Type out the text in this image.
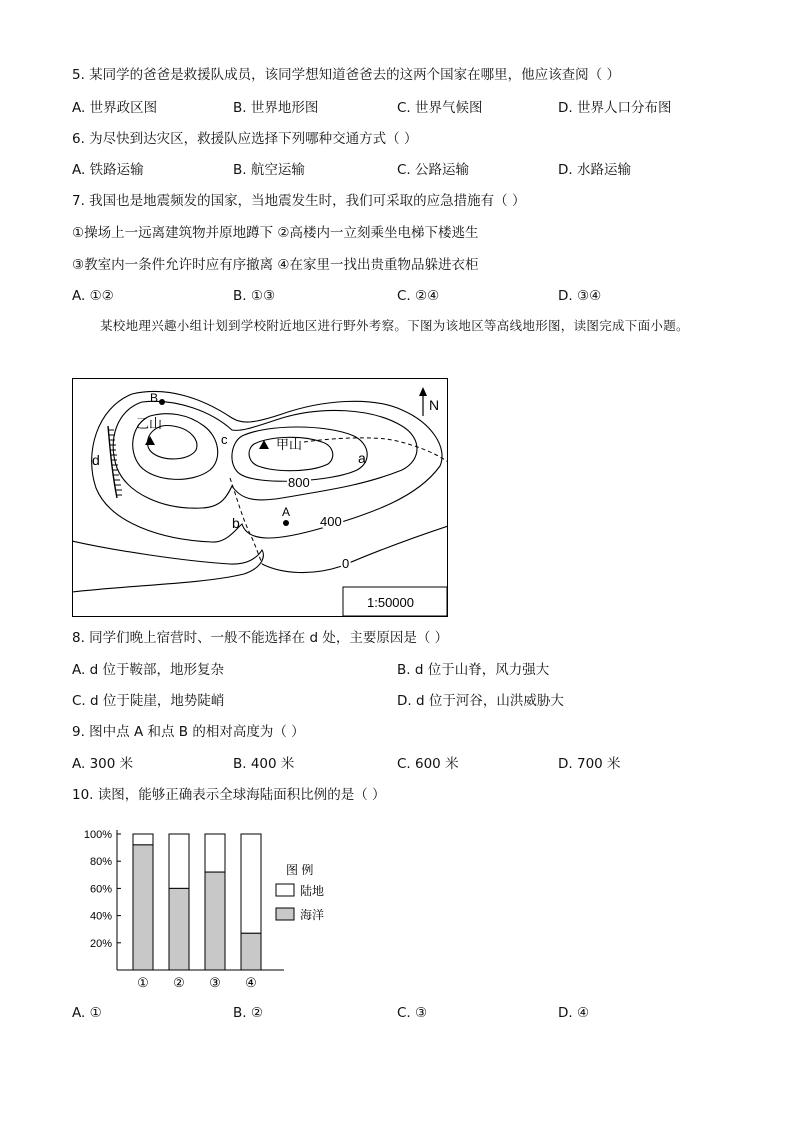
5. 某同学的爸爸是救援队成员，该同学想知道爸爸去的这两个国家在哪里，他应该查阅（ ）
A. 世界政区图	B. 世界地形图	C. 世界气候图	D. 世界人口分布图
6. 为尽快到达灾区，救援队应选择下列哪种交通方式（ ）
A. 铁路运输	B. 航空运输	C. 公路运输	D. 水路运输
7. 我国也是地震频发的国家，当地震发生时，我们可采取的应急措施有（ ）
①操场上一远离建筑物并原地蹲下 ②高楼内一立刻乘坐电梯下楼逃生
③教室内一条件允许时应有序撤离 ④在家里一找出贵重物品躲进衣柜
A. ①②	B. ①③	C. ②④	D. ③④
某校地理兴趣小组计划到学校附近地区进行野外考察。下图为该地区等高线地形图，读图完成下面小题。
B
乙山
甲山
c
a
d
b
A
800
400
0
N
1:50000
8. 同学们晚上宿营时、一般不能选择在 d 处，主要原因是（ ）
A. d 位于鞍部，地形复杂	B. d 位于山脊，风力强大
C. d 位于陡崖，地势陡峭	D. d 位于河谷，山洪威胁大
9. 图中点 A 和点 B 的相对高度为（ ）
A. 300 米	B. 400 米	C. 600 米	D. 700 米
10. 读图，能够正确表示全球海陆面积比例的是（ ）
100%
80%
60%
40%
20%
① ② ③ ④
图 例
陆地
海洋
A. ①	B. ②	C. ③	D. ④
